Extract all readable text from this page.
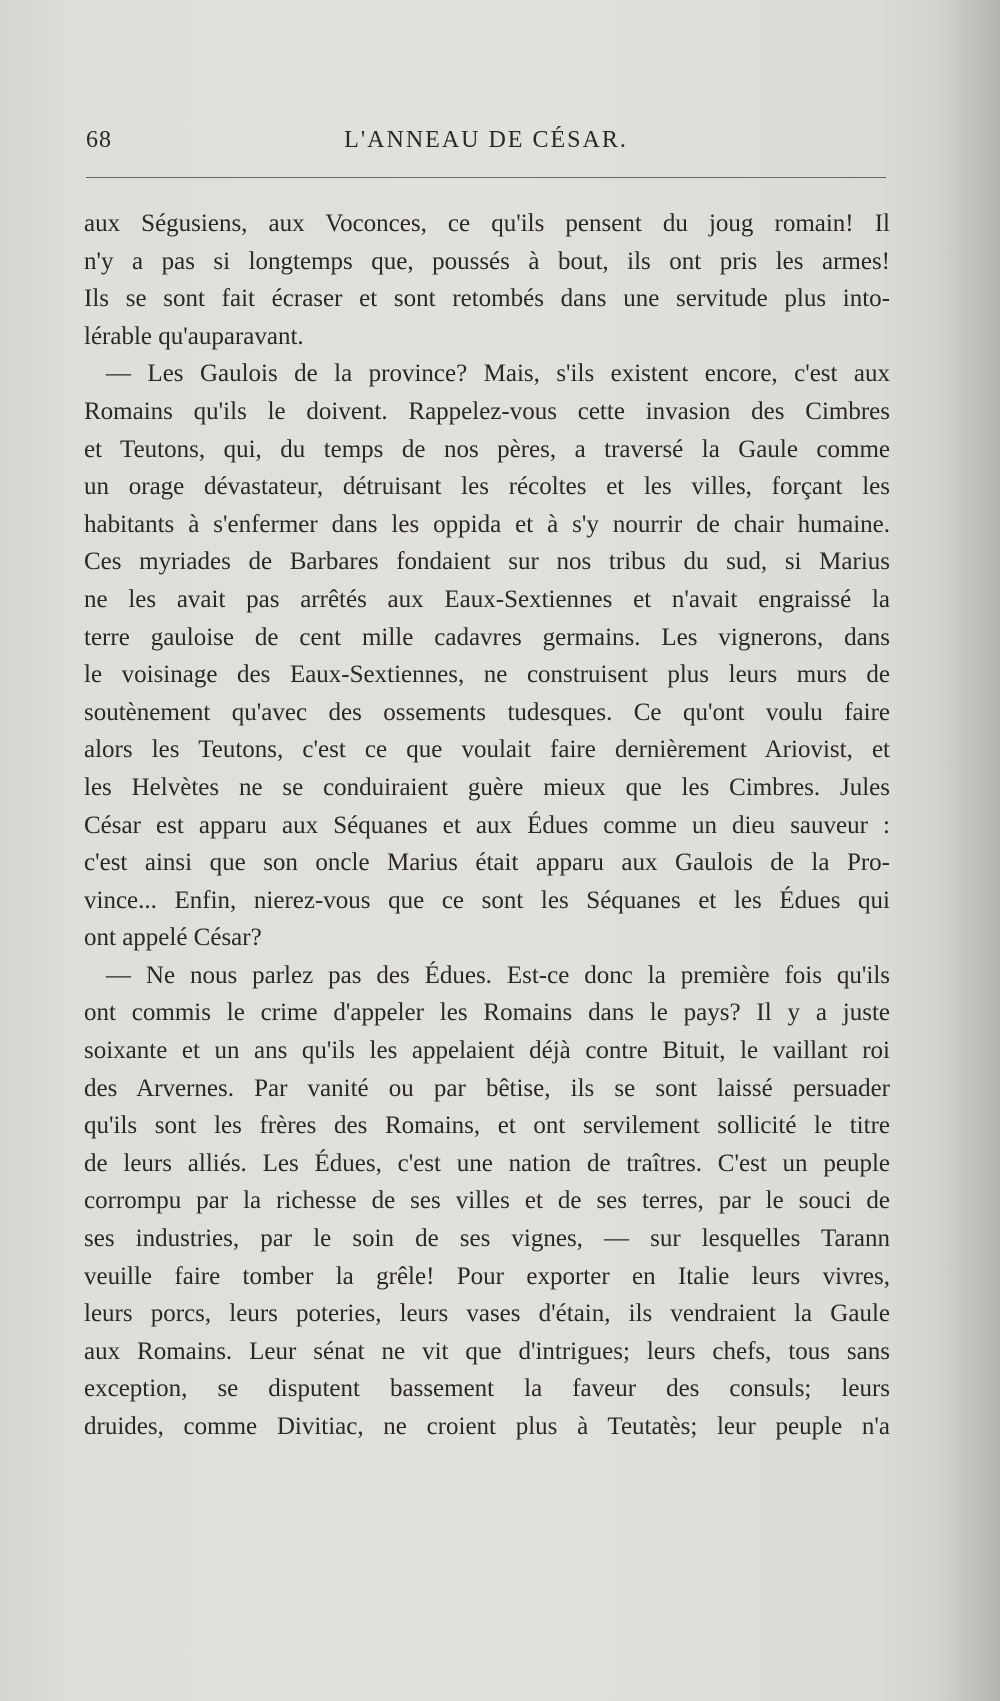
68	L'ANNEAU DE CÉSAR.
aux Ségusiens, aux Voconces, ce qu'ils pensent du joug romain! Il
n'y a pas si longtemps que, poussés à bout, ils ont pris les armes!
Ils se sont fait écraser et sont retombés dans une servitude plus into-
lérable qu'auparavant.
— Les Gaulois de la province? Mais, s'ils existent encore, c'est aux
Romains qu'ils le doivent. Rappelez-vous cette invasion des Cimbres
et Teutons, qui, du temps de nos pères, a traversé la Gaule comme
un orage dévastateur, détruisant les récoltes et les villes, forçant les
habitants à s'enfermer dans les oppida et à s'y nourrir de chair humaine.
Ces myriades de Barbares fondaient sur nos tribus du sud, si Marius
ne les avait pas arrêtés aux Eaux-Sextiennes et n'avait engraissé la
terre gauloise de cent mille cadavres germains. Les vignerons, dans
le voisinage des Eaux-Sextiennes, ne construisent plus leurs murs de
soutènement qu'avec des ossements tudesques. Ce qu'ont voulu faire
alors les Teutons, c'est ce que voulait faire dernièrement Ariovist, et
les Helvètes ne se conduiraient guère mieux que les Cimbres. Jules
César est apparu aux Séquanes et aux Édues comme un dieu sauveur :
c'est ainsi que son oncle Marius était apparu aux Gaulois de la Pro-
vince... Enfin, nierez-vous que ce sont les Séquanes et les Édues qui
ont appelé César?
— Ne nous parlez pas des Édues. Est-ce donc la première fois qu'ils
ont commis le crime d'appeler les Romains dans le pays? Il y a juste
soixante et un ans qu'ils les appelaient déjà contre Bituit, le vaillant roi
des Arvernes. Par vanité ou par bêtise, ils se sont laissé persuader
qu'ils sont les frères des Romains, et ont servilement sollicité le titre
de leurs alliés. Les Édues, c'est une nation de traîtres. C'est un peuple
corrompu par la richesse de ses villes et de ses terres, par le souci de
ses industries, par le soin de ses vignes, — sur lesquelles Tarann
veuille faire tomber la grêle! Pour exporter en Italie leurs vivres,
leurs porcs, leurs poteries, leurs vases d'étain, ils vendraient la Gaule
aux Romains. Leur sénat ne vit que d'intrigues; leurs chefs, tous sans
exception, se disputent bassement la faveur des consuls; leurs
druides, comme Divitiac, ne croient plus à Teutatès; leur peuple n'a
